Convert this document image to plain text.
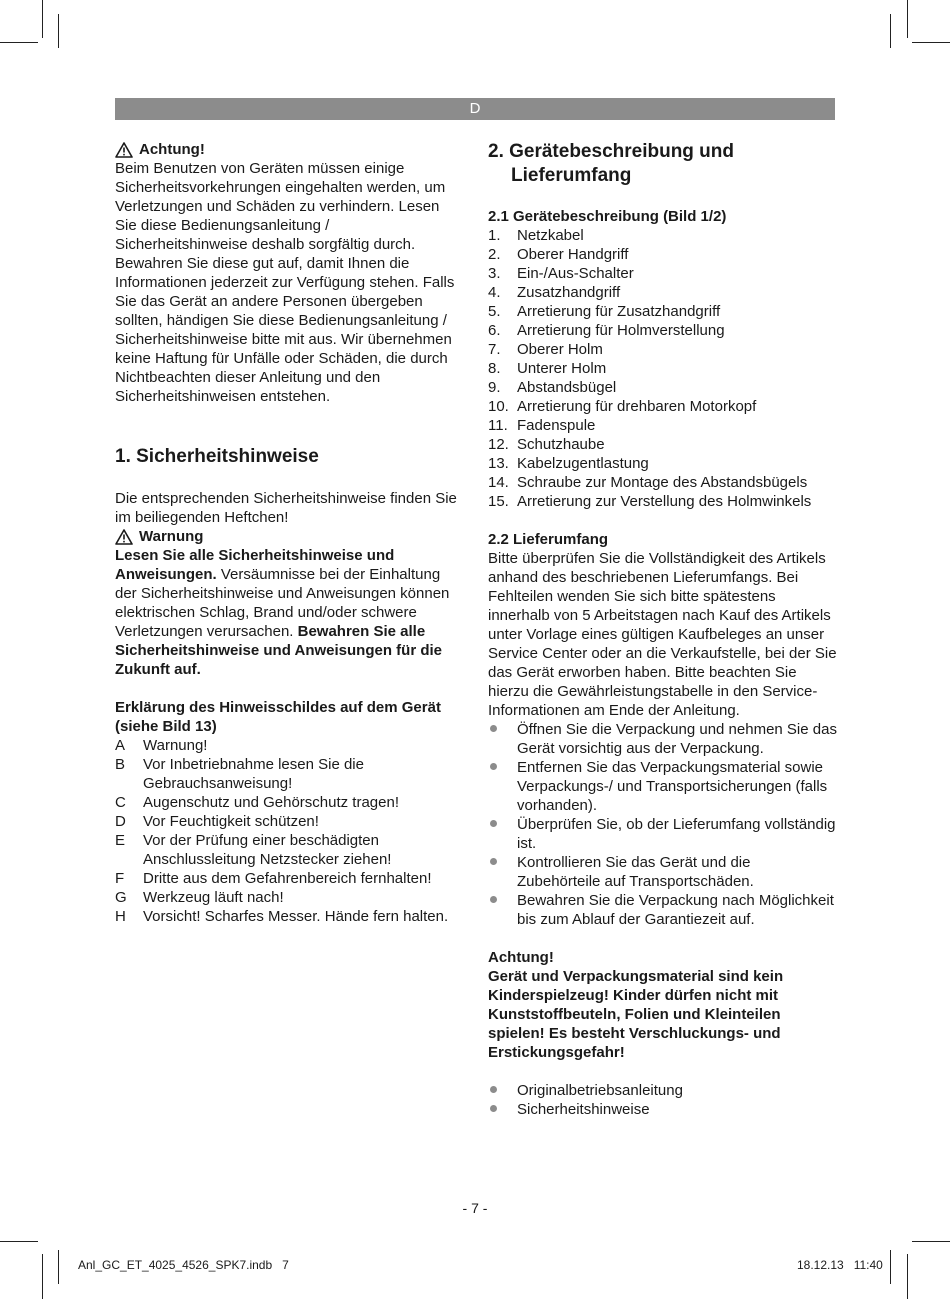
D
Achtung!

Beim Benutzen von Geräten müssen einige Sicherheitsvorkehrungen eingehalten werden, um Verletzungen und Schäden zu verhindern. Lesen Sie diese Bedienungsanleitung / Sicherheitshinweise deshalb sorgfältig durch. Bewahren Sie diese gut auf, damit Ihnen die Informationen jederzeit zur Verfügung stehen. Falls Sie das Gerät an andere Personen übergeben sollten, händigen Sie diese Bedienungsanleitung / Sicherheitshinweise bitte mit aus. Wir übernehmen keine Haftung für Unfälle oder Schäden, die durch Nichtbeachten dieser Anleitung und den Sicherheitshinweisen entstehen.

1. Sicherheitshinweise

Die entsprechenden Sicherheitshinweise finden Sie im beiliegenden Heftchen!

Warnung

Lesen Sie alle Sicherheitshinweise und Anweisungen. Versäumnisse bei der Einhaltung der Sicherheitshinweise und Anweisungen können elektrischen Schlag, Brand und/oder schwere Verletzungen verursachen. Bewahren Sie alle Sicherheitshinweise und Anweisungen für die Zukunft auf.

Erklärung des Hinweisschildes auf dem Gerät (siehe Bild 13)

A	Warnung!
B	Vor Inbetriebnahme lesen Sie die Gebrauchsanweisung!
C	Augenschutz und Gehörschutz tragen!
D	Vor Feuchtigkeit schützen!
E	Vor der Prüfung einer beschädigten Anschlussleitung Netzstecker ziehen!
F	Dritte aus dem Gefahrenbereich fernhalten!
G	Werkzeug läuft nach!
H	Vorsicht! Scharfes Messer. Hände fern halten.
2. Gerätebeschreibung und Lieferumfang

2.1 Gerätebeschreibung (Bild 1/2)

1.	Netzkabel
2.	Oberer Handgriff
3.	Ein-/Aus-Schalter
4.	Zusatzhandgriff
5.	Arretierung für Zusatzhandgriff
6.	Arretierung für Holmverstellung
7.	Oberer Holm
8.	Unterer Holm
9.	Abstandsbügel
10. Arretierung für drehbaren Motorkopf
11. Fadenspule
12. Schutzhaube
13. Kabelzugentlastung
14. Schraube zur Montage des Abstandsbügels
15. Arretierung zur Verstellung des Holmwinkels

2.2 Lieferumfang

Bitte überprüfen Sie die Vollständigkeit des Artikels anhand des beschriebenen Lieferumfangs. Bei Fehlteilen wenden Sie sich bitte spätestens innerhalb von 5 Arbeitstagen nach Kauf des Artikels unter Vorlage eines gültigen Kaufbeleges an unser Service Center oder an die Verkaufstelle, bei der Sie das Gerät erworben haben. Bitte beachten Sie hierzu die Gewährleistungstabelle in den Service-Informationen am Ende der Anleitung.

Öffnen Sie die Verpackung und nehmen Sie das Gerät vorsichtig aus der Verpackung.
Entfernen Sie das Verpackungsmaterial sowie Verpackungs-/ und Transportsicherungen (falls vorhanden).
Überprüfen Sie, ob der Lieferumfang vollständig ist.
Kontrollieren Sie das Gerät und die Zubehörteile auf Transportschäden.
Bewahren Sie die Verpackung nach Möglichkeit bis zum Ablauf der Garantiezeit auf.

Achtung!

Gerät und Verpackungsmaterial sind kein Kinderspielzeug! Kinder dürfen nicht mit Kunststoffbeuteln, Folien und Kleinteilen spielen! Es besteht Verschluckungs- und Erstickungsgefahr!

Originalbetriebsanleitung
Sicherheitshinweise
- 7 -
Anl_GC_ET_4025_4526_SPK7.indb   7	18.12.13   11:40
